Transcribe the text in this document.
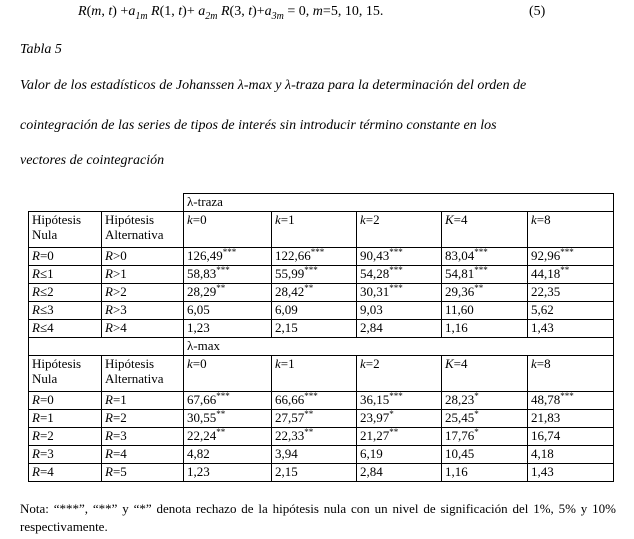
R(m, $t) +a_{1m}$ R(1, $t)+ a_{2m}$ R(3, $t)+a_{3m} = 0$, m=5, 10, 15.	(5)
Tabla 5
Valor de los estadísticos de Johanssen λ-max y λ-traza para la determinación del orden de
cointegración de las series de tipos de interés sin introducir término constante en los
vectores de cointegración
		λ-traza				
Hipótesis Nula	Hipótesis Alternativa	k=0	k=1	k=2	K=4	k=8
R=0	R>0	126,49***	122,66***	90,43***	83,04***	92,96***
R≤1	R>1	58,83***	55,99***	54,28***	54,81***	44,18**
R≤2	R>2	28,29**	28,42**	30,31***	29,36**	22,35
R≤3	R>3	6,05	6,09	9,03	11,60	5,62
R≤4	R>4	1,23	2,15	2,84	1,16	1,43
		λ-max				
Hipótesis Nula	Hipótesis Alternativa	k=0	k=1	k=2	K=4	k=8
R=0	R=1	67,66***	66,66***	36,15***	28,23*	48,78***
R=1	R=2	30,55**	27,57**	23,97*	25,45*	21,83
R=2	R=3	22,24**	22,33**	21,27**	17,76*	16,74
R=3	R=4	4,82	3,94	6,19	10,45	4,18
R=4	R=5	1,23	2,15	2,84	1,16	1,43
Nota: “***”, “**” y “*” denota rechazo de la hipótesis nula con un nivel de significación del 1%, 5% y 10% respectivamente.
